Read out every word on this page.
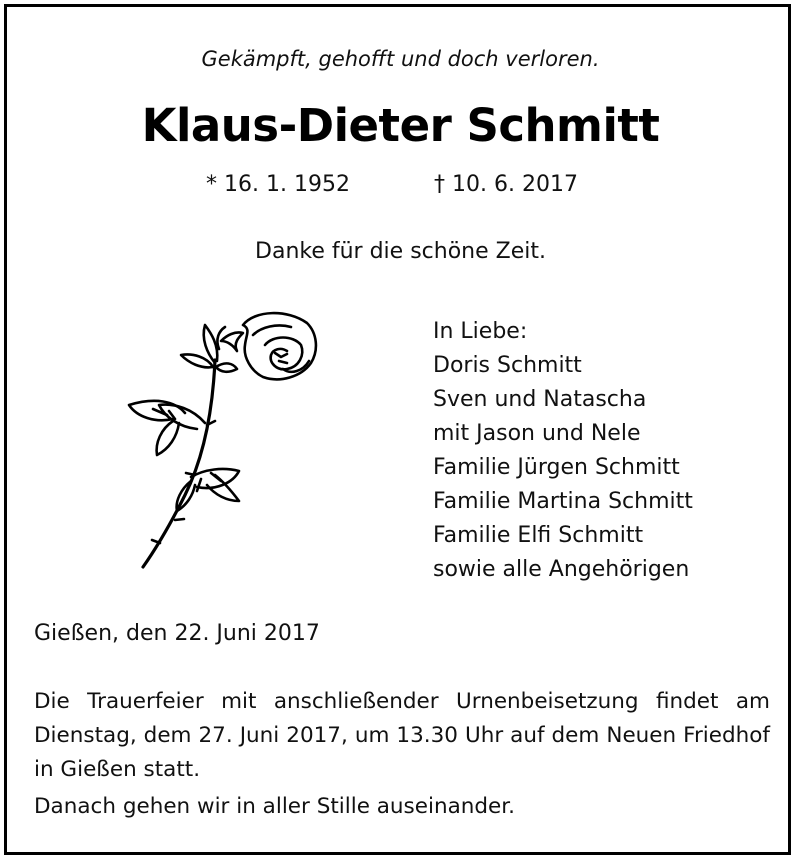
Gekämpft, gehofft und doch verloren.
Klaus-Dieter Schmitt
* 16. 1. 1952	† 10. 6. 2017
Danke für die schöne Zeit.
In Liebe:
Doris Schmitt
Sven und Natascha
mit Jason und Nele
Familie Jürgen Schmitt
Familie Martina Schmitt
Familie Elfi Schmitt
sowie alle Angehörigen
Gießen, den 22. Juni 2017
Die Trauerfeier mit anschließender Urnenbeisetzung findet am Dienstag, dem 27. Juni 2017, um 13.30 Uhr auf dem Neuen Friedhof in Gießen statt.
Danach gehen wir in aller Stille auseinander.
